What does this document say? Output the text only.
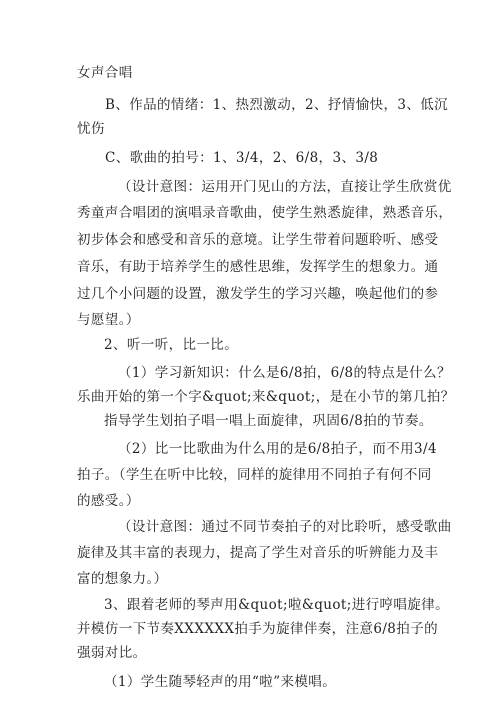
女声合唱
B、作品的情绪：1、热烈激动，2、抒情愉快，3、低沉
忧伤
C、歌曲的拍号：1、3/4，2、6/8，3、3/8
（设计意图：运用开门见山的方法，直接让学生欣赏优
秀童声合唱团的演唱录音歌曲，使学生熟悉旋律，熟悉音乐，
初步体会和感受和音乐的意境。让学生带着问题聆听、感受
音乐，有助于培养学生的感性思维，发挥学生的想象力。通
过几个小问题的设置，激发学生的学习兴趣，唤起他们的参
与愿望。）
2、听一听，比一比。
（1）学习新知识：什么是6/8拍，6/8的特点是什么？
乐曲开始的第一个字&quot;来&quot;，是在小节的第几拍？
指导学生划拍子唱一唱上面旋律，巩固6/8拍的节奏。
（2）比一比歌曲为什么用的是6/8拍子，而不用3/4
拍子。（学生在听中比较，同样的旋律用不同拍子有何不同
的感受。）
（设计意图：通过不同节奏拍子的对比聆听，感受歌曲
旋律及其丰富的表现力，提高了学生对音乐的听辨能力及丰
富的想象力。）
3、跟着老师的琴声用&quot;啦&quot;进行哼唱旋律。
并模仿一下节奏XXXXXX拍手为旋律伴奏，注意6/8拍子的
强弱对比。
（1）学生随琴轻声的用“啦”来模唱。
